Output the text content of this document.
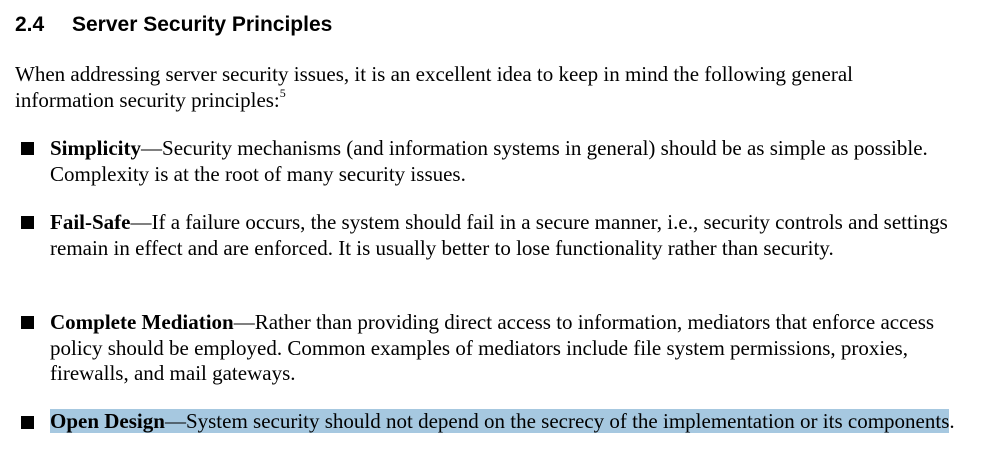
2.4 Server Security Principles

When addressing server security issues, it is an excellent idea to keep in mind the following general information security principles:$^5$

Simplicity—Security mechanisms (and information systems in general) should be as simple as possible. Complexity is at the root of many security issues.

Fail-Safe—If a failure occurs, the system should fail in a secure manner, i.e., security controls and settings remain in effect and are enforced. It is usually better to lose functionality rather than security.

Complete Mediation—Rather than providing direct access to information, mediators that enforce access policy should be employed. Common examples of mediators include file system permissions, proxies, firewalls, and mail gateways.

Open Design—System security should not depend on the secrecy of the implementation or its components.
